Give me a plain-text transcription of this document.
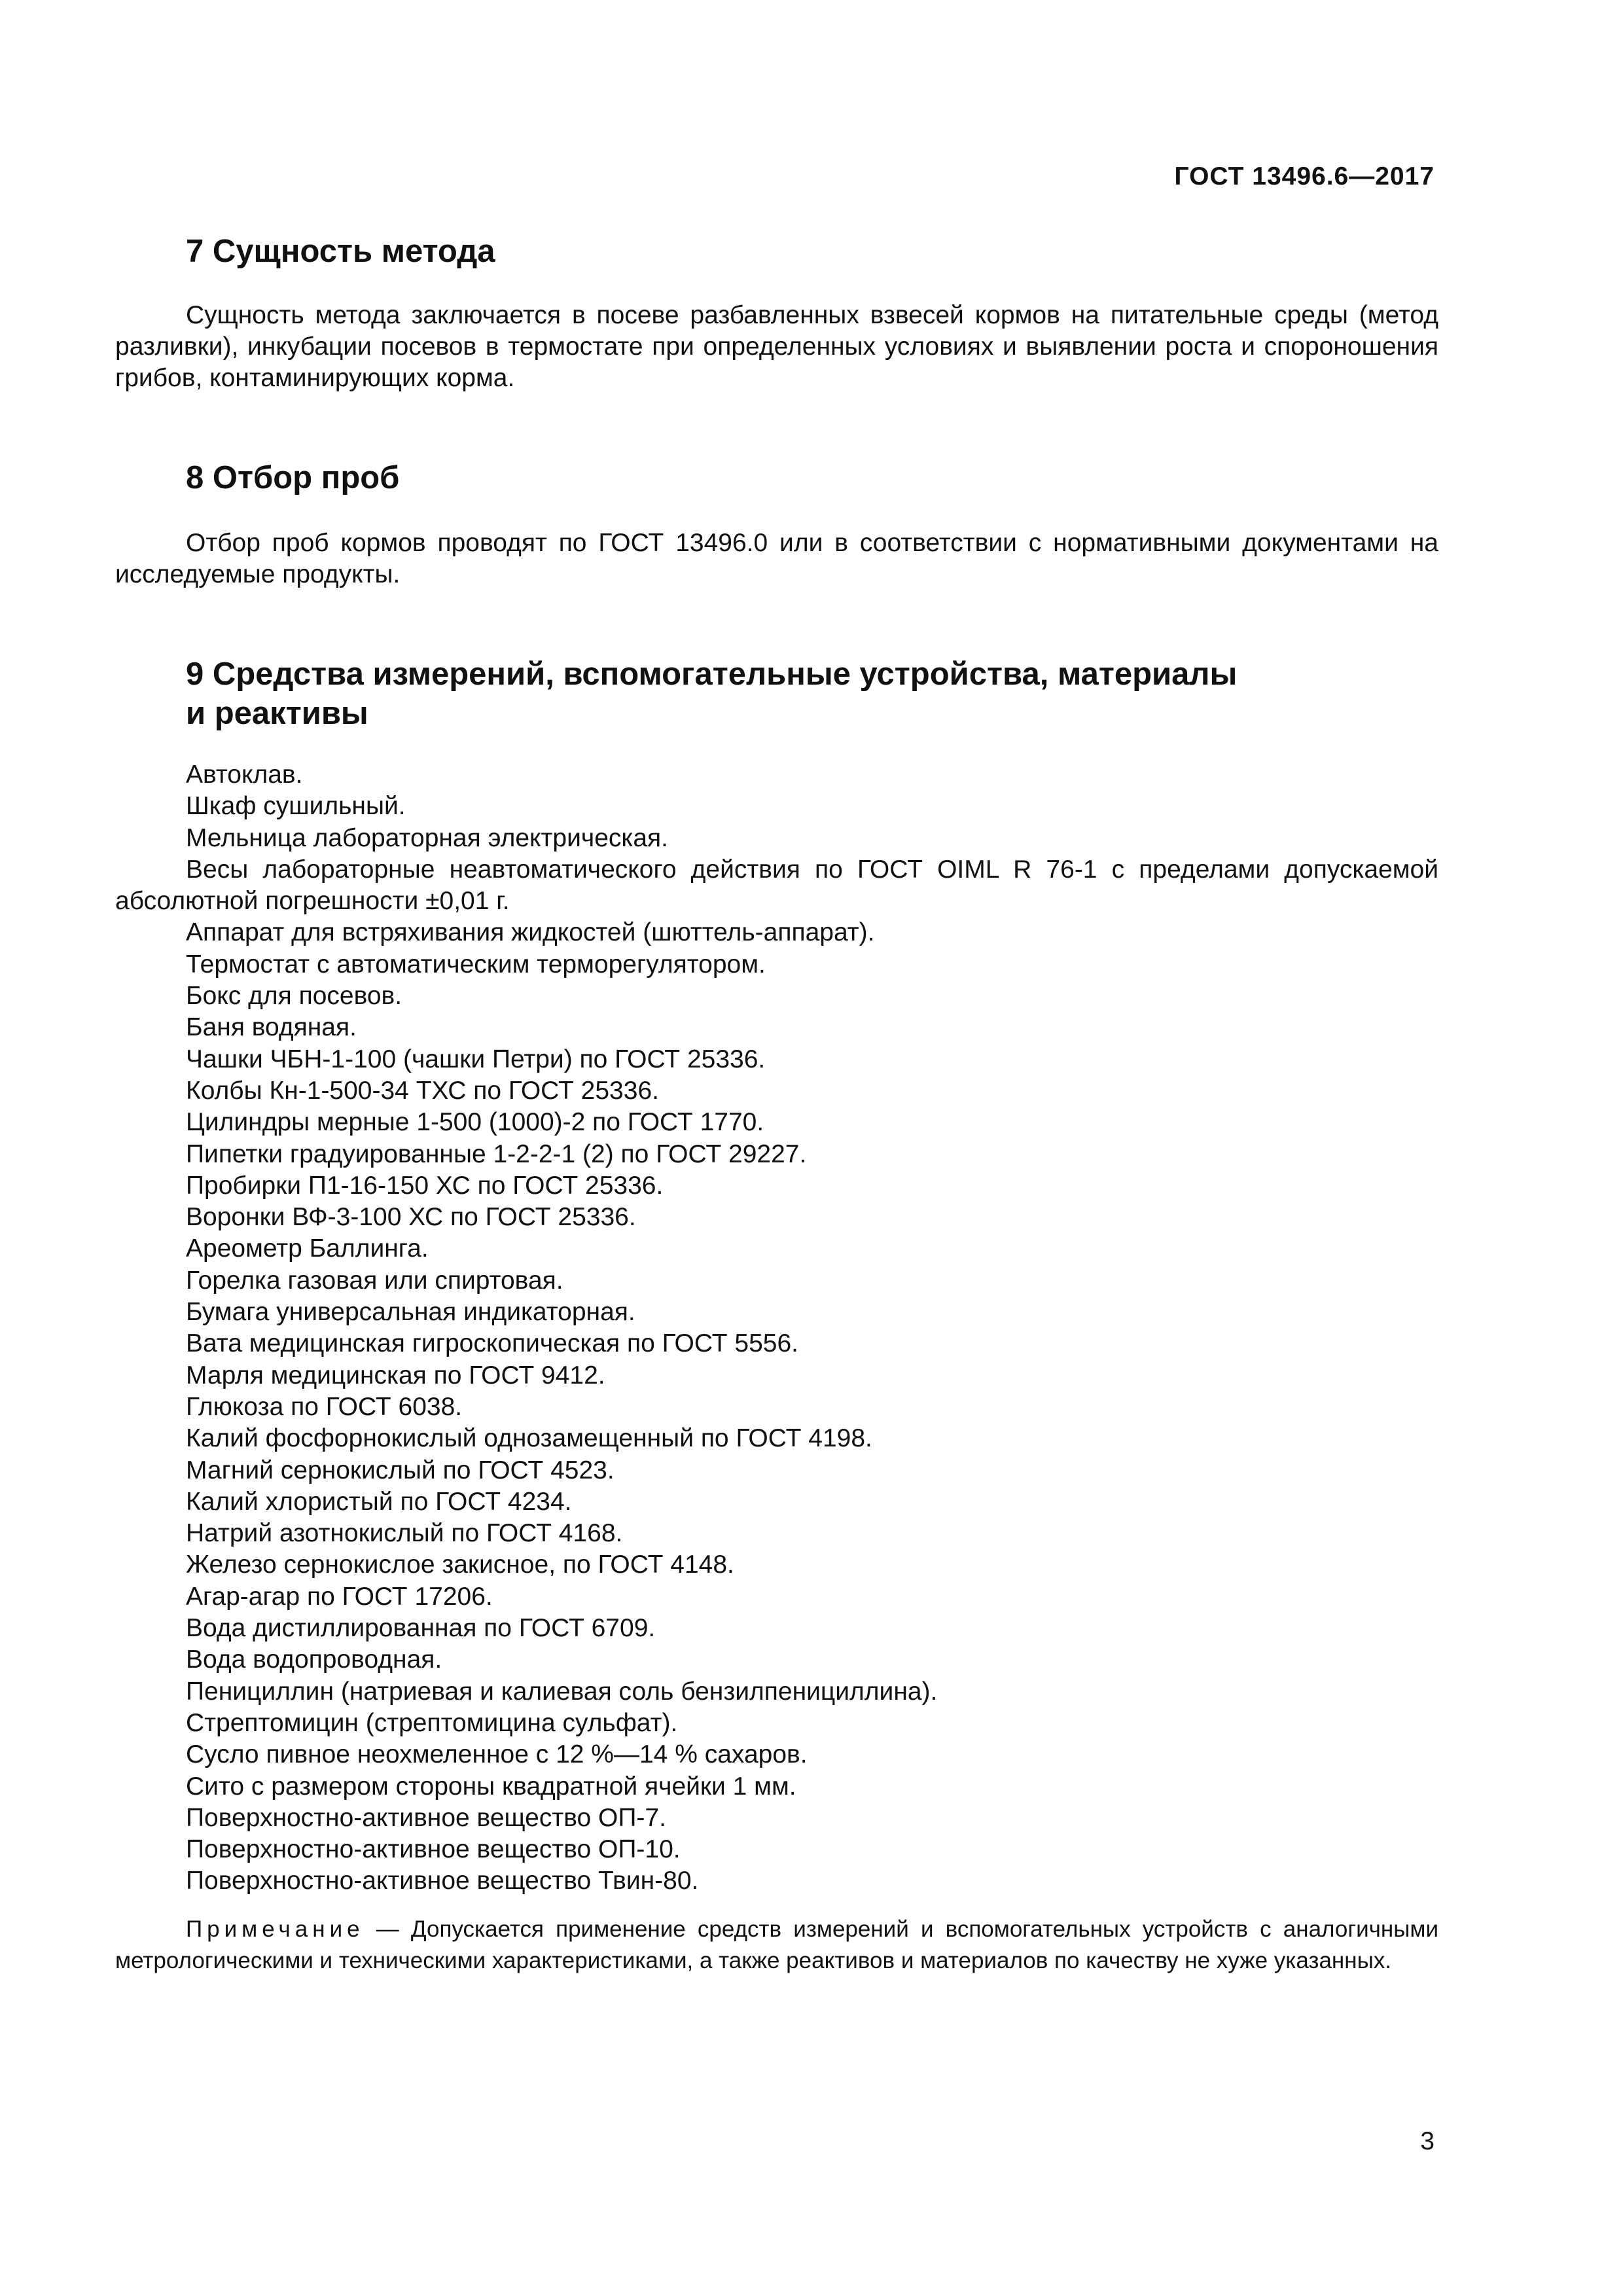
ГОСТ 13496.6—2017
7 Сущность метода
Сущность метода заключается в посеве разбавленных взвесей кормов на питательные среды (метод разливки), инкубации посевов в термостате при определенных условиях и выявлении роста и спороношения грибов, контаминирующих корма.
8 Отбор проб
Отбор проб кормов проводят по ГОСТ 13496.0 или в соответствии с нормативными документами на исследуемые продукты.
9 Средства измерений, вспомогательные устройства, материалы
и реактивы
Автоклав.
Шкаф сушильный.
Мельница лабораторная электрическая.
Весы лабораторные неавтоматического действия по ГОСТ OIML R 76-1 с пределами допускаемой абсолютной погрешности ±0,01 г.
Аппарат для встряхивания жидкостей (шюттель-аппарат).
Термостат с автоматическим терморегулятором.
Бокс для посевов.
Баня водяная.
Чашки ЧБН-1-100 (чашки Петри) по ГОСТ 25336.
Колбы Кн-1-500-34 ТХС по ГОСТ 25336.
Цилиндры мерные 1-500 (1000)-2 по ГОСТ 1770.
Пипетки градуированные 1-2-2-1 (2) по ГОСТ 29227.
Пробирки П1-16-150 ХС по ГОСТ 25336.
Воронки ВФ-3-100 ХС по ГОСТ 25336.
Ареометр Баллинга.
Горелка газовая или спиртовая.
Бумага универсальная индикаторная.
Вата медицинская гигроскопическая по ГОСТ 5556.
Марля медицинская по ГОСТ 9412.
Глюкоза по ГОСТ 6038.
Калий фосфорнокислый однозамещенный по ГОСТ 4198.
Магний сернокислый по ГОСТ 4523.
Калий хлористый по ГОСТ 4234.
Натрий азотнокислый по ГОСТ 4168.
Железо сернокислое закисное, по ГОСТ 4148.
Агар-агар по ГОСТ 17206.
Вода дистиллированная по ГОСТ 6709.
Вода водопроводная.
Пенициллин (натриевая и калиевая соль бензилпенициллина).
Стрептомицин (стрептомицина сульфат).
Сусло пивное неохмеленное с 12 %—14 % сахаров.
Сито с размером стороны квадратной ячейки 1 мм.
Поверхностно-активное вещество ОП-7.
Поверхностно-активное вещество ОП-10.
Поверхностно-активное вещество Твин-80.
Примечание — Допускается применение средств измерений и вспомогательных устройств с аналогичными метрологическими и техническими характеристиками, а также реактивов и материалов по качеству не хуже указанных.
3
